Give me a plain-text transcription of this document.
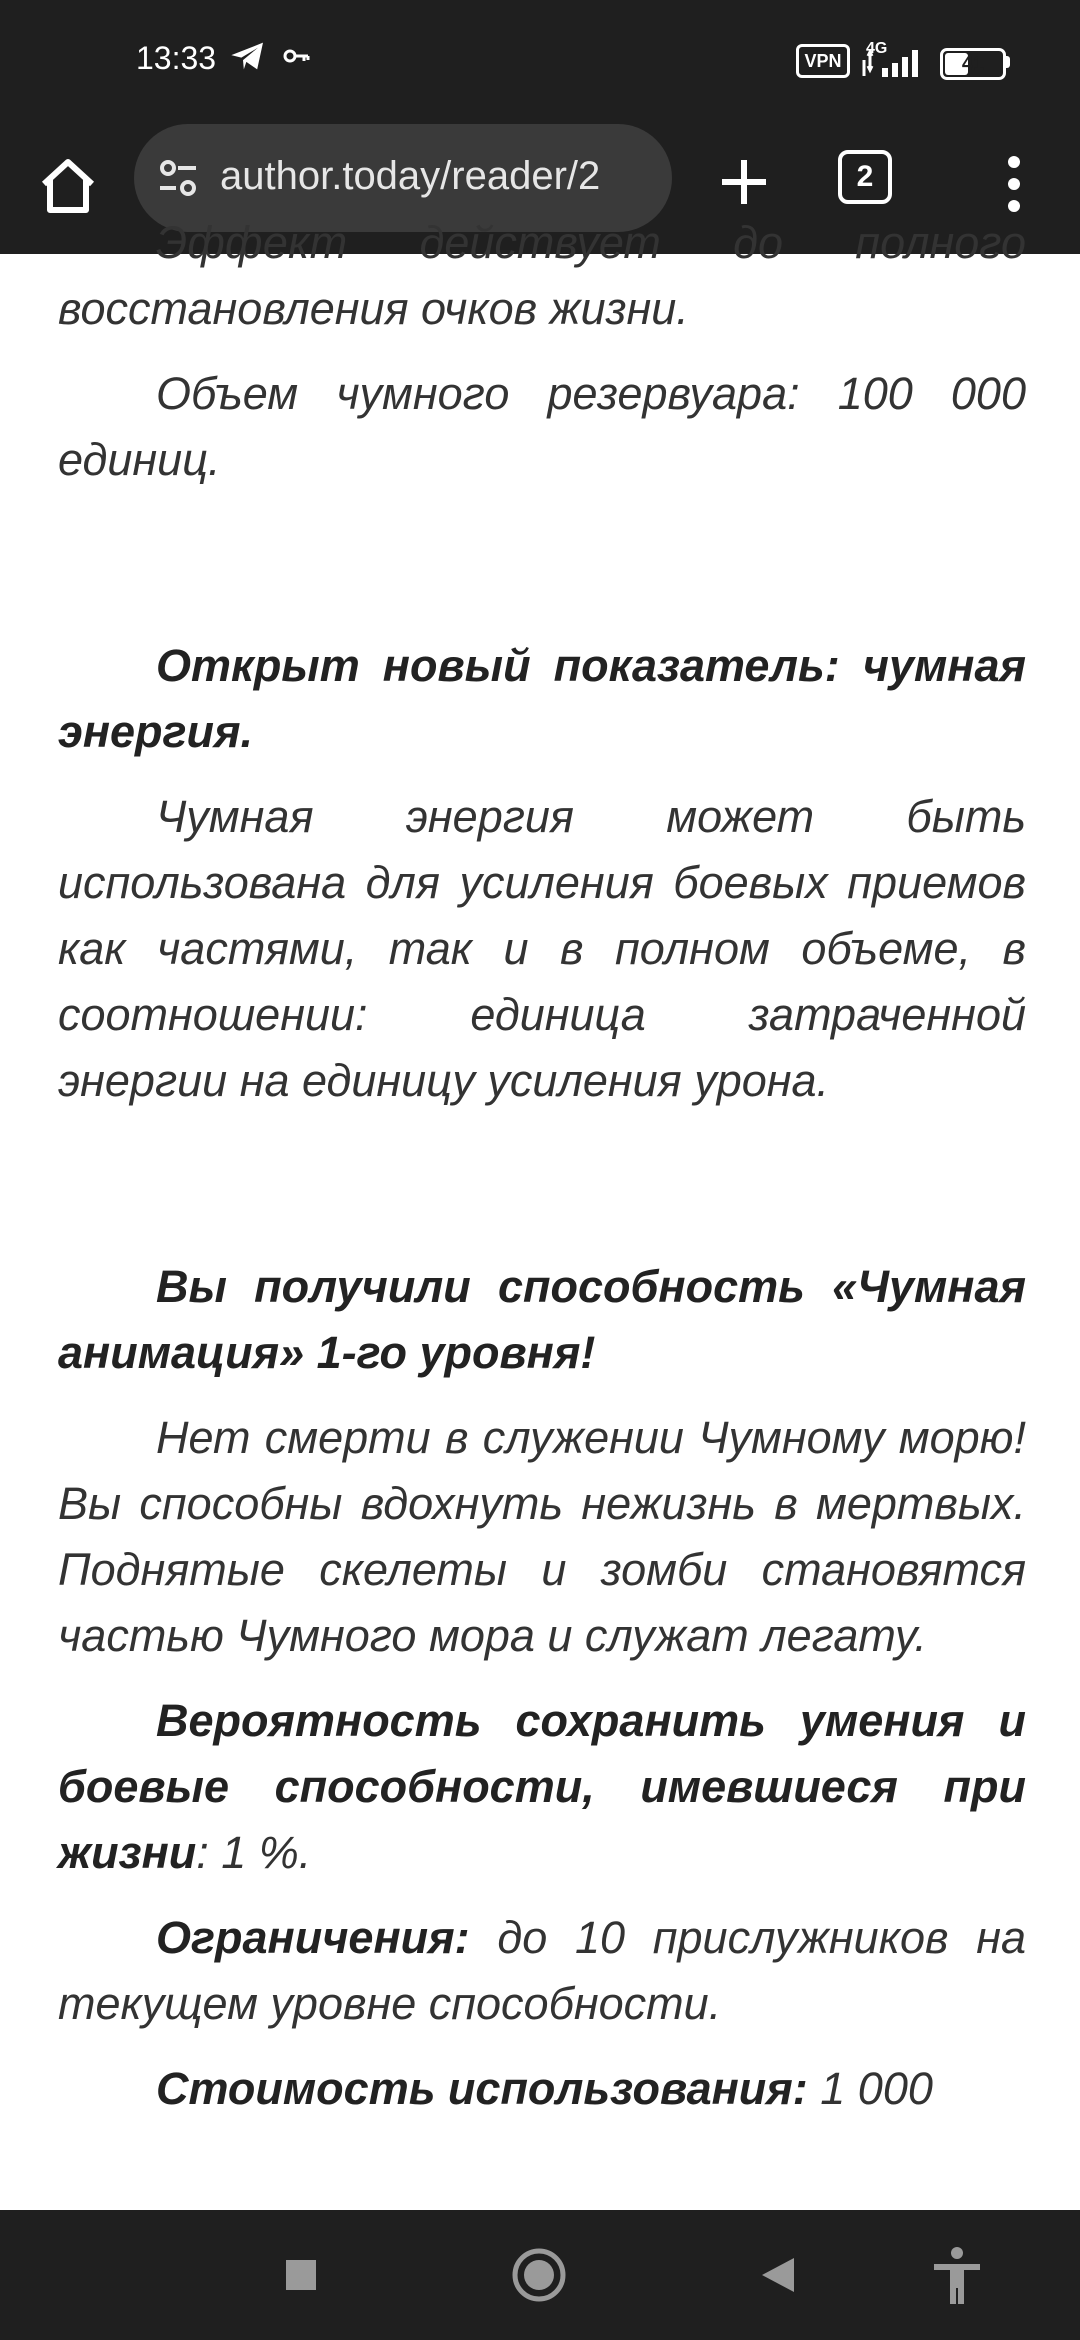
13:33	VPN
4G
41
author.today/reader/2	2

Эффект действует до полного восстановления очков жизни.

Объем чумного резервуара: 100 000 единиц.

Открыт новый показатель: чумная энергия.

Чумная энергия может быть использована для усиления боевых приемов как частями, так и в полном объеме, в соотношении: единица затраченной энергии на единицу усиления урона.

Вы получили способность «Чумная анимация» 1-го уровня!

Нет смерти в служении Чумному морю! Вы способны вдохнуть нежизнь в мертвых. Поднятые скелеты и зомби становятся частью Чумного мора и служат легату.

Вероятность сохранить умения и боевые способности, имевшиеся при жизни: 1 %.

Ограничения: до 10 прислужников на текущем уровне способности.

Стоимость использования: 1 000
